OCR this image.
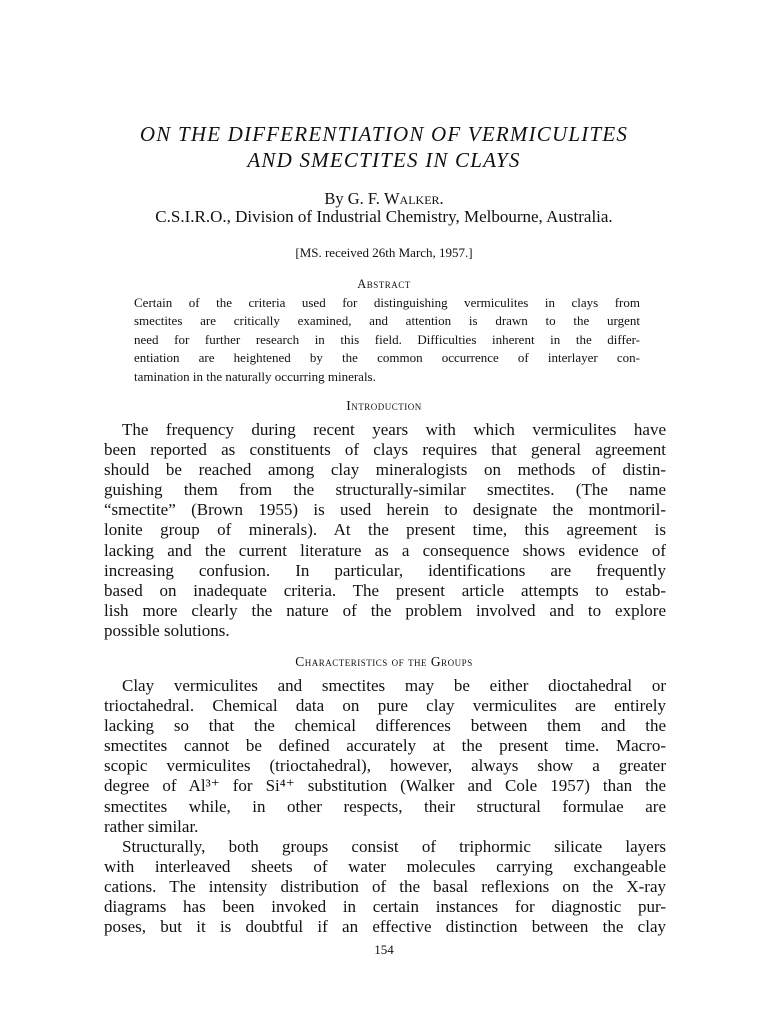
ON THE DIFFERENTIATION OF VERMICULITES
AND SMECTITES IN CLAYS
By G. F. Walker.
C.S.I.R.O., Division of Industrial Chemistry, Melbourne, Australia.
[MS. received 26th March, 1957.]
Abstract
Certain of the criteria used for distinguishing vermiculites in clays from
smectites are critically examined, and attention is drawn to the urgent
need for further research in this field. Difficulties inherent in the differ-
entiation are heightened by the common occurrence of interlayer con-
tamination in the naturally occurring minerals.
Introduction
The frequency during recent years with which vermiculites have
been reported as constituents of clays requires that general agreement
should be reached among clay mineralogists on methods of distin-
guishing them from the structurally-similar smectites. (The name
“smectite” (Brown 1955) is used herein to designate the montmoril-
lonite group of minerals). At the present time, this agreement is
lacking and the current literature as a consequence shows evidence of
increasing confusion. In particular, identifications are frequently
based on inadequate criteria. The present article attempts to estab-
lish more clearly the nature of the problem involved and to explore
possible solutions.
Characteristics of the Groups
Clay vermiculites and smectites may be either dioctahedral or
trioctahedral. Chemical data on pure clay vermiculites are entirely
lacking so that the chemical differences between them and the
smectites cannot be defined accurately at the present time. Macro-
scopic vermiculites (trioctahedral), however, always show a greater
degree of Al³⁺ for Si⁴⁺ substitution (Walker and Cole 1957) than the
smectites while, in other respects, their structural formulae are
rather similar.
Structurally, both groups consist of triphormic silicate layers
with interleaved sheets of water molecules carrying exchangeable
cations. The intensity distribution of the basal reflexions on the X-ray
diagrams has been invoked in certain instances for diagnostic pur-
poses, but it is doubtful if an effective distinction between the clay
154
